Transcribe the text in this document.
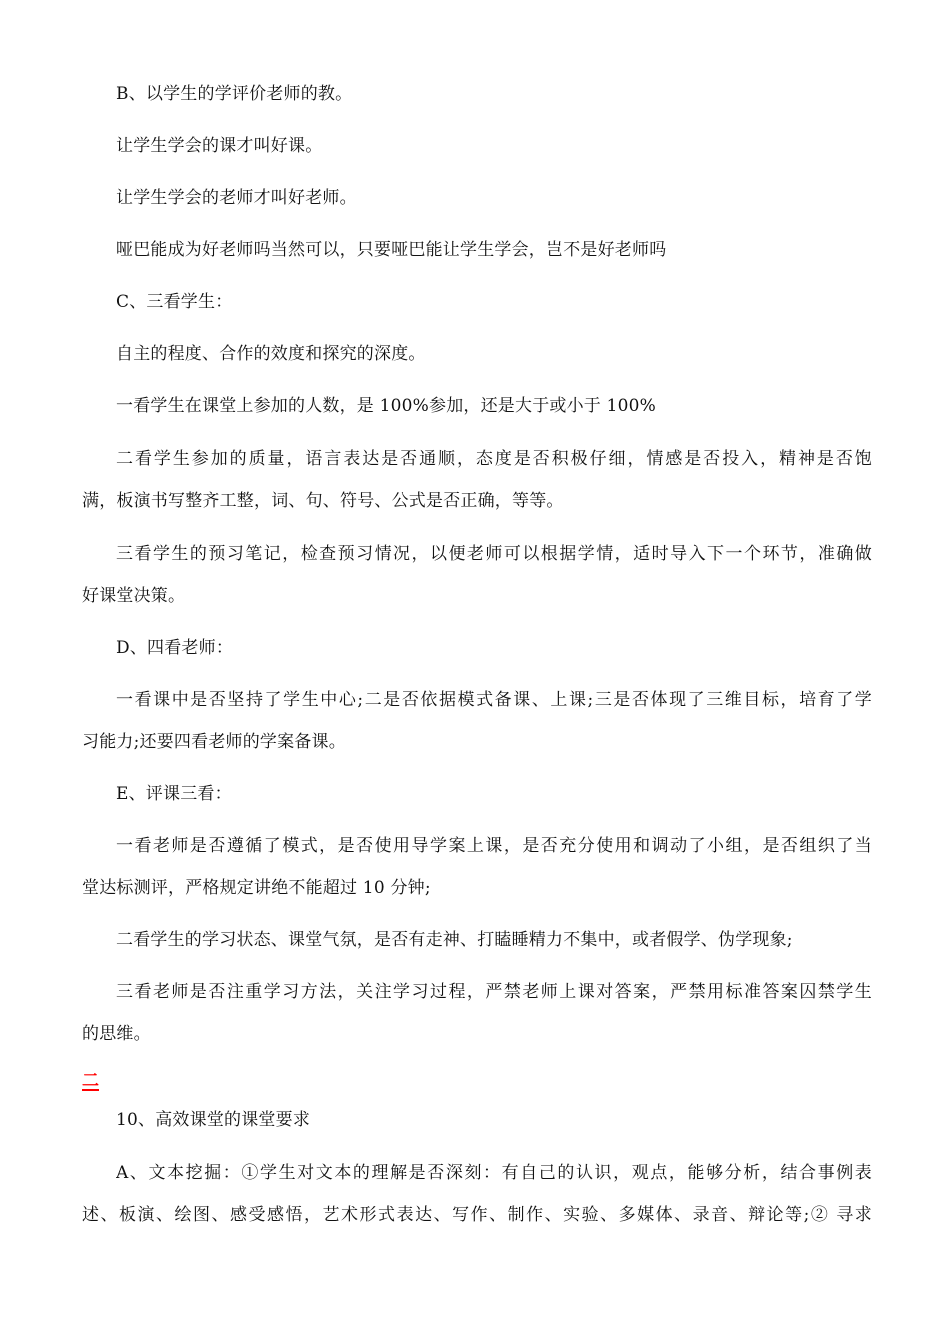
B、以学生的学评价老师的教。
让学生学会的课才叫好课。
让学生学会的老师才叫好老师。
哑巴能成为好老师吗当然可以，只要哑巴能让学生学会，岂不是好老师吗
C、三看学生：
自主的程度、合作的效度和探究的深度。
一看学生在课堂上参加的人数，是 100%参加，还是大于或小于 100%
二看学生参加的质量，语言表达是否通顺，态度是否积极仔细，情感是否投入，精神是否饱
满，板演书写整齐工整，词、句、符号、公式是否正确，等等。
三看学生的预习笔记，检查预习情况，以便老师可以根据学情，适时导入下一个环节，准确做
好课堂决策。
D、四看老师：
一看课中是否坚持了学生中心;二是否依据模式备课、上课;三是否体现了三维目标，培育了学
习能力;还要四看老师的学案备课。
E、评课三看：
一看老师是否遵循了模式，是否使用导学案上课，是否充分使用和调动了小组，是否组织了当
堂达标测评，严格规定讲绝不能超过 10 分钟;
二看学生的学习状态、课堂气氛，是否有走神、打瞌睡精力不集中，或者假学、伪学现象;
三看老师是否注重学习方法，关注学习过程，严禁老师上课对答案，严禁用标准答案囚禁学生
的思维。
二
10、高效课堂的课堂要求
A、文本挖掘：①学生对文本的理解是否深刻：有自己的认识，观点，能够分析，结合事例表
述、板演、绘图、感受感悟，艺术形式表达、写作、制作、实验、多媒体、录音、辩论等;② 寻求
